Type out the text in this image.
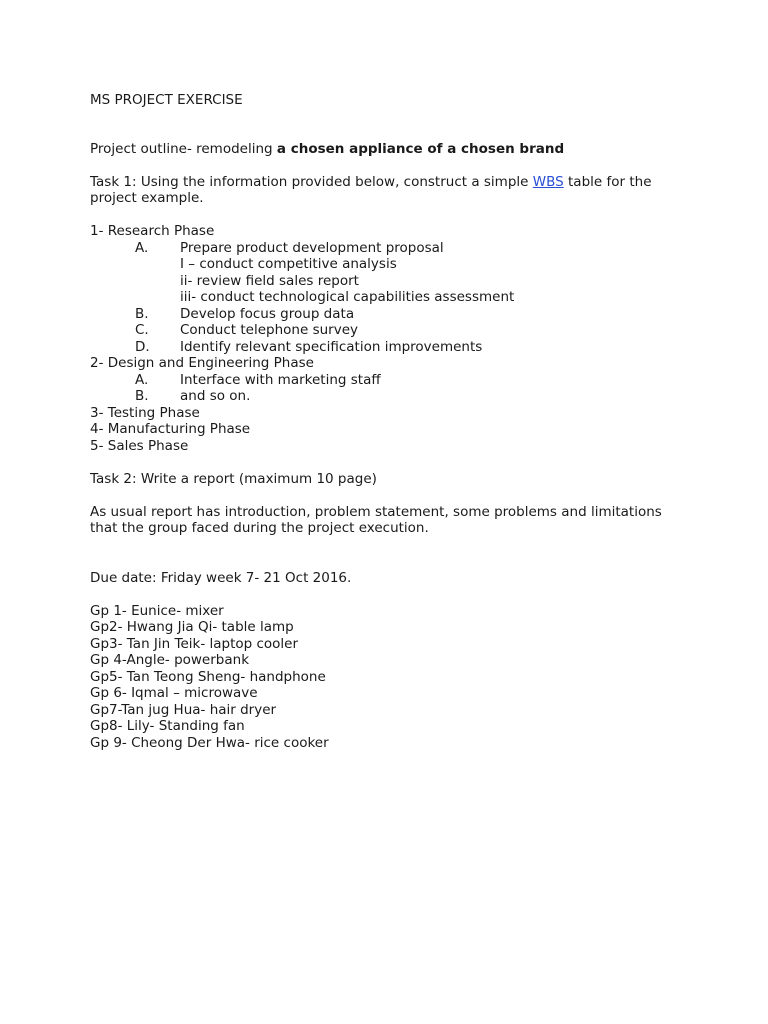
MS PROJECT EXERCISE
Project outline- remodeling a chosen appliance of a chosen brand
Task 1: Using the information provided below, construct a simple WBS table for the
project example.
1- Research Phase
A. Prepare product development proposal
I – conduct competitive analysis
ii- review field sales report
iii- conduct technological capabilities assessment
B. Develop focus group data
C. Conduct telephone survey
D. Identify relevant specification improvements
2- Design and Engineering Phase
A. Interface with marketing staff
B. and so on.
3- Testing Phase
4- Manufacturing Phase
5- Sales Phase
Task 2: Write a report (maximum 10 page)
As usual report has introduction, problem statement, some problems and limitations
that the group faced during the project execution.
Due date: Friday week 7- 21 Oct 2016.
Gp 1- Eunice- mixer
Gp2- Hwang Jia Qi- table lamp
Gp3- Tan Jin Teik- laptop cooler
Gp 4-Angle- powerbank
Gp5- Tan Teong Sheng- handphone
Gp 6- Iqmal – microwave
Gp7-Tan jug Hua- hair dryer
Gp8- Lily- Standing fan
Gp 9- Cheong Der Hwa- rice cooker
